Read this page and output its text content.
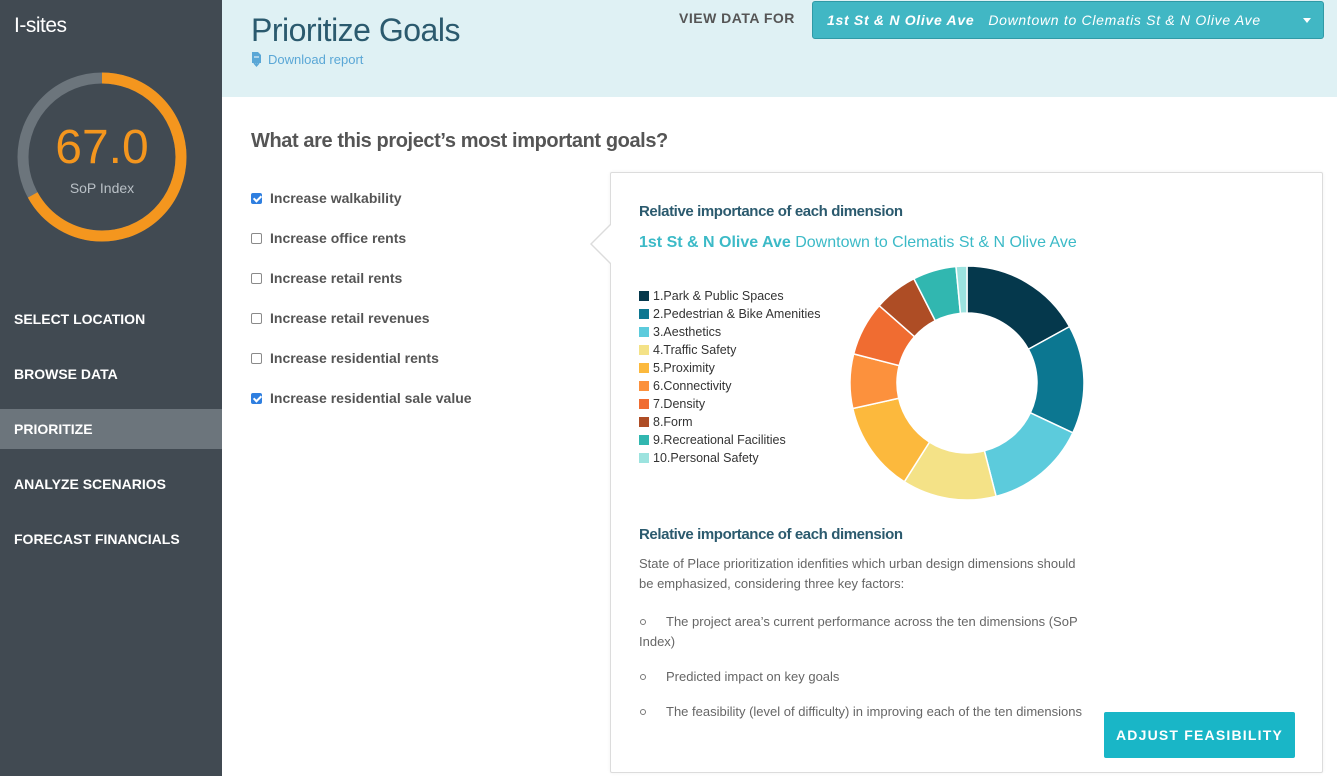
I-sites
67.0
SoP Index
SELECT LOCATION
BROWSE DATA
PRIORITIZE
ANALYZE SCENARIOS
FORECAST FINANCIALS
Prioritize Goals
Download report
VIEW DATA FOR	1st St & N Olive Ave Downtown to Clematis St & N Olive Ave
What are this project’s most important goals?
Increase walkability
Increase office rents
Increase retail rents
Increase retail revenues
Increase residential rents
Increase residential sale value
Relative importance of each dimension
1st St & N Olive Ave Downtown to Clematis St & N Olive Ave
1.Park & Public Spaces
2.Pedestrian & Bike Amenities
3.Aesthetics
4.Traffic Safety
5.Proximity
6.Connectivity
7.Density
8.Form
9.Recreational Facilities
10.Personal Safety
Relative importance of each dimension
State of Place prioritization idenfities which urban design dimensions should be emphasized, considering three key factors:
The project area’s current performance across the ten dimensions (SoP Index)
Predicted impact on key goals
The feasibility (level of difficulty) in improving each of the ten dimensions
ADJUST FEASIBILITY
